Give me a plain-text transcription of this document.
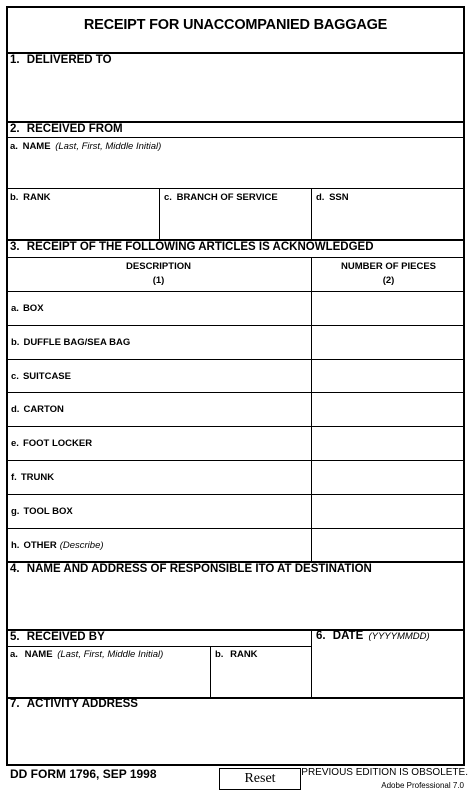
RECEIPT FOR UNACCOMPANIED BAGGAGE
1. DELIVERED TO
2. RECEIVED FROM
a. NAME (Last, First, Middle Initial)
b. RANK	c. BRANCH OF SERVICE	d. SSN
3. RECEIPT OF THE FOLLOWING ARTICLES IS ACKNOWLEDGED
DESCRIPTION
(1)
NUMBER OF PIECES
(2)
a. BOX
b. DUFFLE BAG/SEA BAG
c. SUITCASE
d. CARTON
e. FOOT LOCKER
f. TRUNK
g. TOOL BOX
h. OTHER (Describe)
4. NAME AND ADDRESS OF RESPONSIBLE ITO AT DESTINATION
5. RECEIVED BY	6. DATE (YYYYMMDD)
a. NAME (Last, First, Middle Initial)	b. RANK
7. ACTIVITY ADDRESS
DD FORM 1796, SEP 1998	Reset	PREVIOUS EDITION IS OBSOLETE.
Adobe Professional 7.0
